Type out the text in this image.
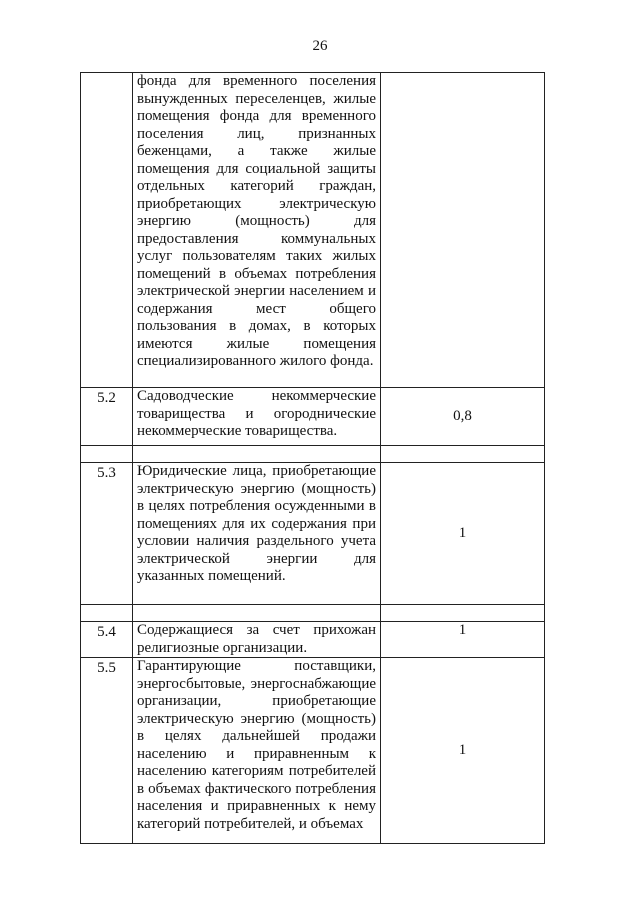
26
	фонда для временного поселения вынужденных переселенцев, жилые помещения фонда для временного поселения лиц, признанных беженцами, а также жилые помещения для социальной защиты отдельных категорий граждан, приобретающих электрическую энергию (мощность) для предоставления коммунальных услуг пользователям таких жилых помещений в объемах потребления электрической энергии населением и содержания мест общего пользования в домах, в которых имеются жилые помещения специализированного жилого фонда.	
5.2	Садоводческие некоммерческие товарищества и огороднические некоммерческие товарищества.	0,8

5.3	Юридические лица, приобретающие электрическую энергию (мощность) в целях потребления осужденными в помещениях для их содержания при условии наличия раздельного учета электрической энергии для указанных помещений.	1

5.4	Содержащиеся за счет прихожан религиозные организации.	1
5.5	Гарантирующие поставщики, энергосбытовые, энергоснабжающие организации, приобретающие электрическую энергию (мощность) в целях дальнейшей продажи населению и приравненным к населению категориям потребителей в объемах фактического потребления населения и приравненных к нему категорий потребителей, и объемах	1
